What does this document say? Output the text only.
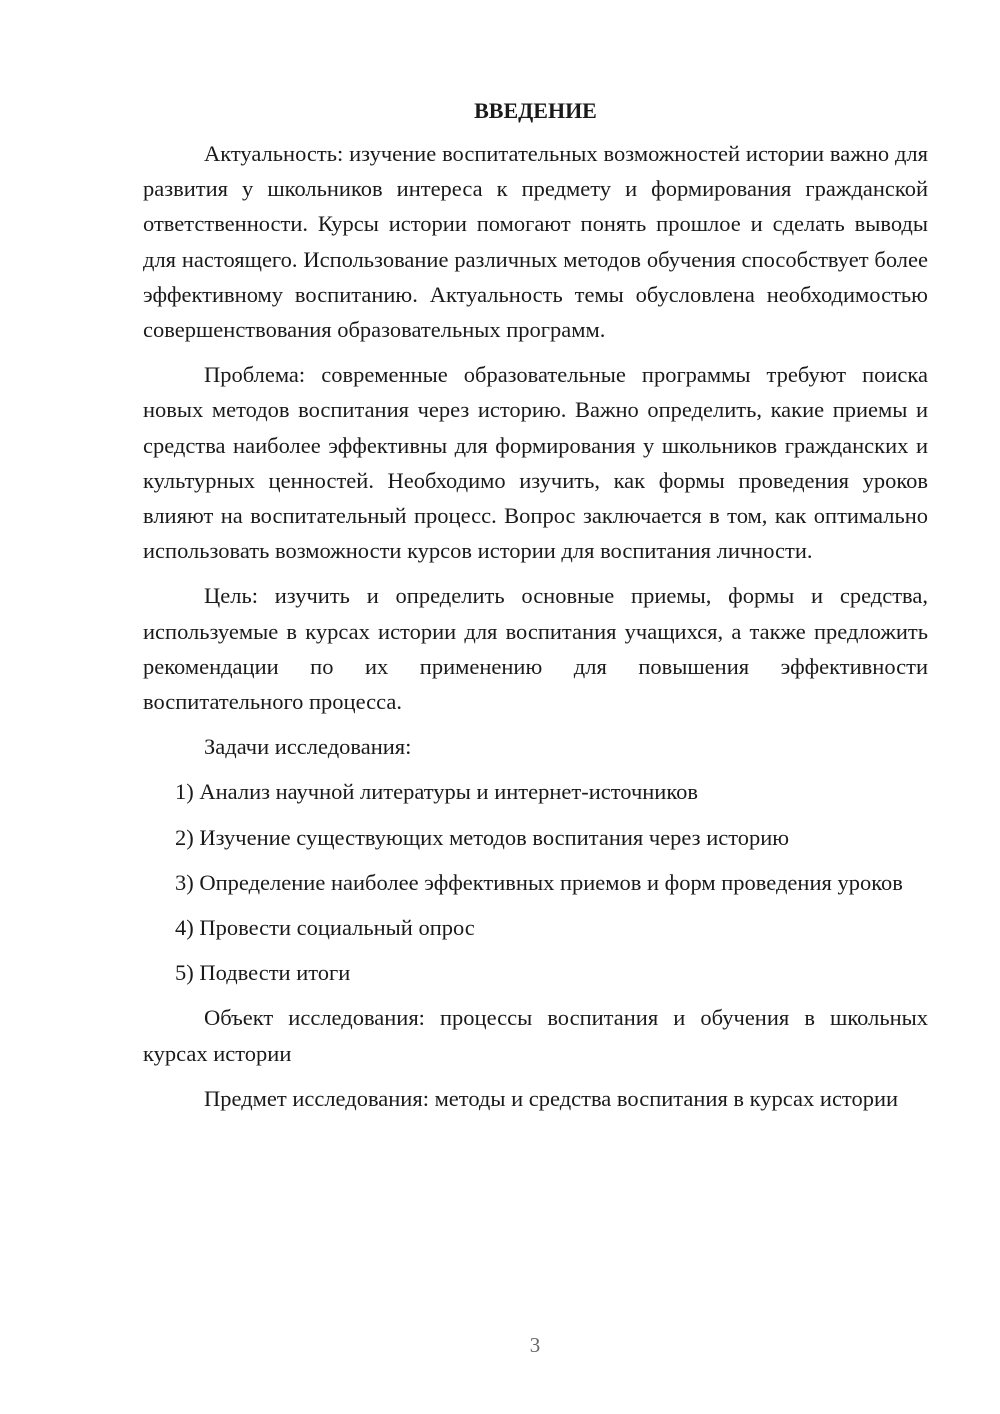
ВВЕДЕНИЕ

Актуальность: изучение воспитательных возможностей истории важно для развития у школьников интереса к предмету и формирования гражданской ответственности. Курсы истории помогают понять прошлое и сделать выводы для настоящего. Использование различных методов обучения способствует более эффективному воспитанию. Актуальность темы обусловлена необходимостью совершенствования образовательных программ.

Проблема: современные образовательные программы требуют поиска новых методов воспитания через историю. Важно определить, какие приемы и средства наиболее эффективны для формирования у школьников гражданских и культурных ценностей. Необходимо изучить, как формы проведения уроков влияют на воспитательный процесс. Вопрос заключается в том, как оптимально использовать возможности курсов истории для воспитания личности.

Цель: изучить и определить основные приемы, формы и средства, используемые в курсах истории для воспитания учащихся, а также предложить рекомендации по их применению для повышения эффективности воспитательного процесса.

Задачи исследования:

1) Анализ научной литературы и интернет-источников

2) Изучение существующих методов воспитания через историю

3) Определение наиболее эффективных приемов и форм проведения уроков

4) Провести социальный опрос

5) Подвести итоги

Объект исследования: процессы воспитания и обучения в школьных курсах истории

Предмет исследования: методы и средства воспитания в курсах истории

3
